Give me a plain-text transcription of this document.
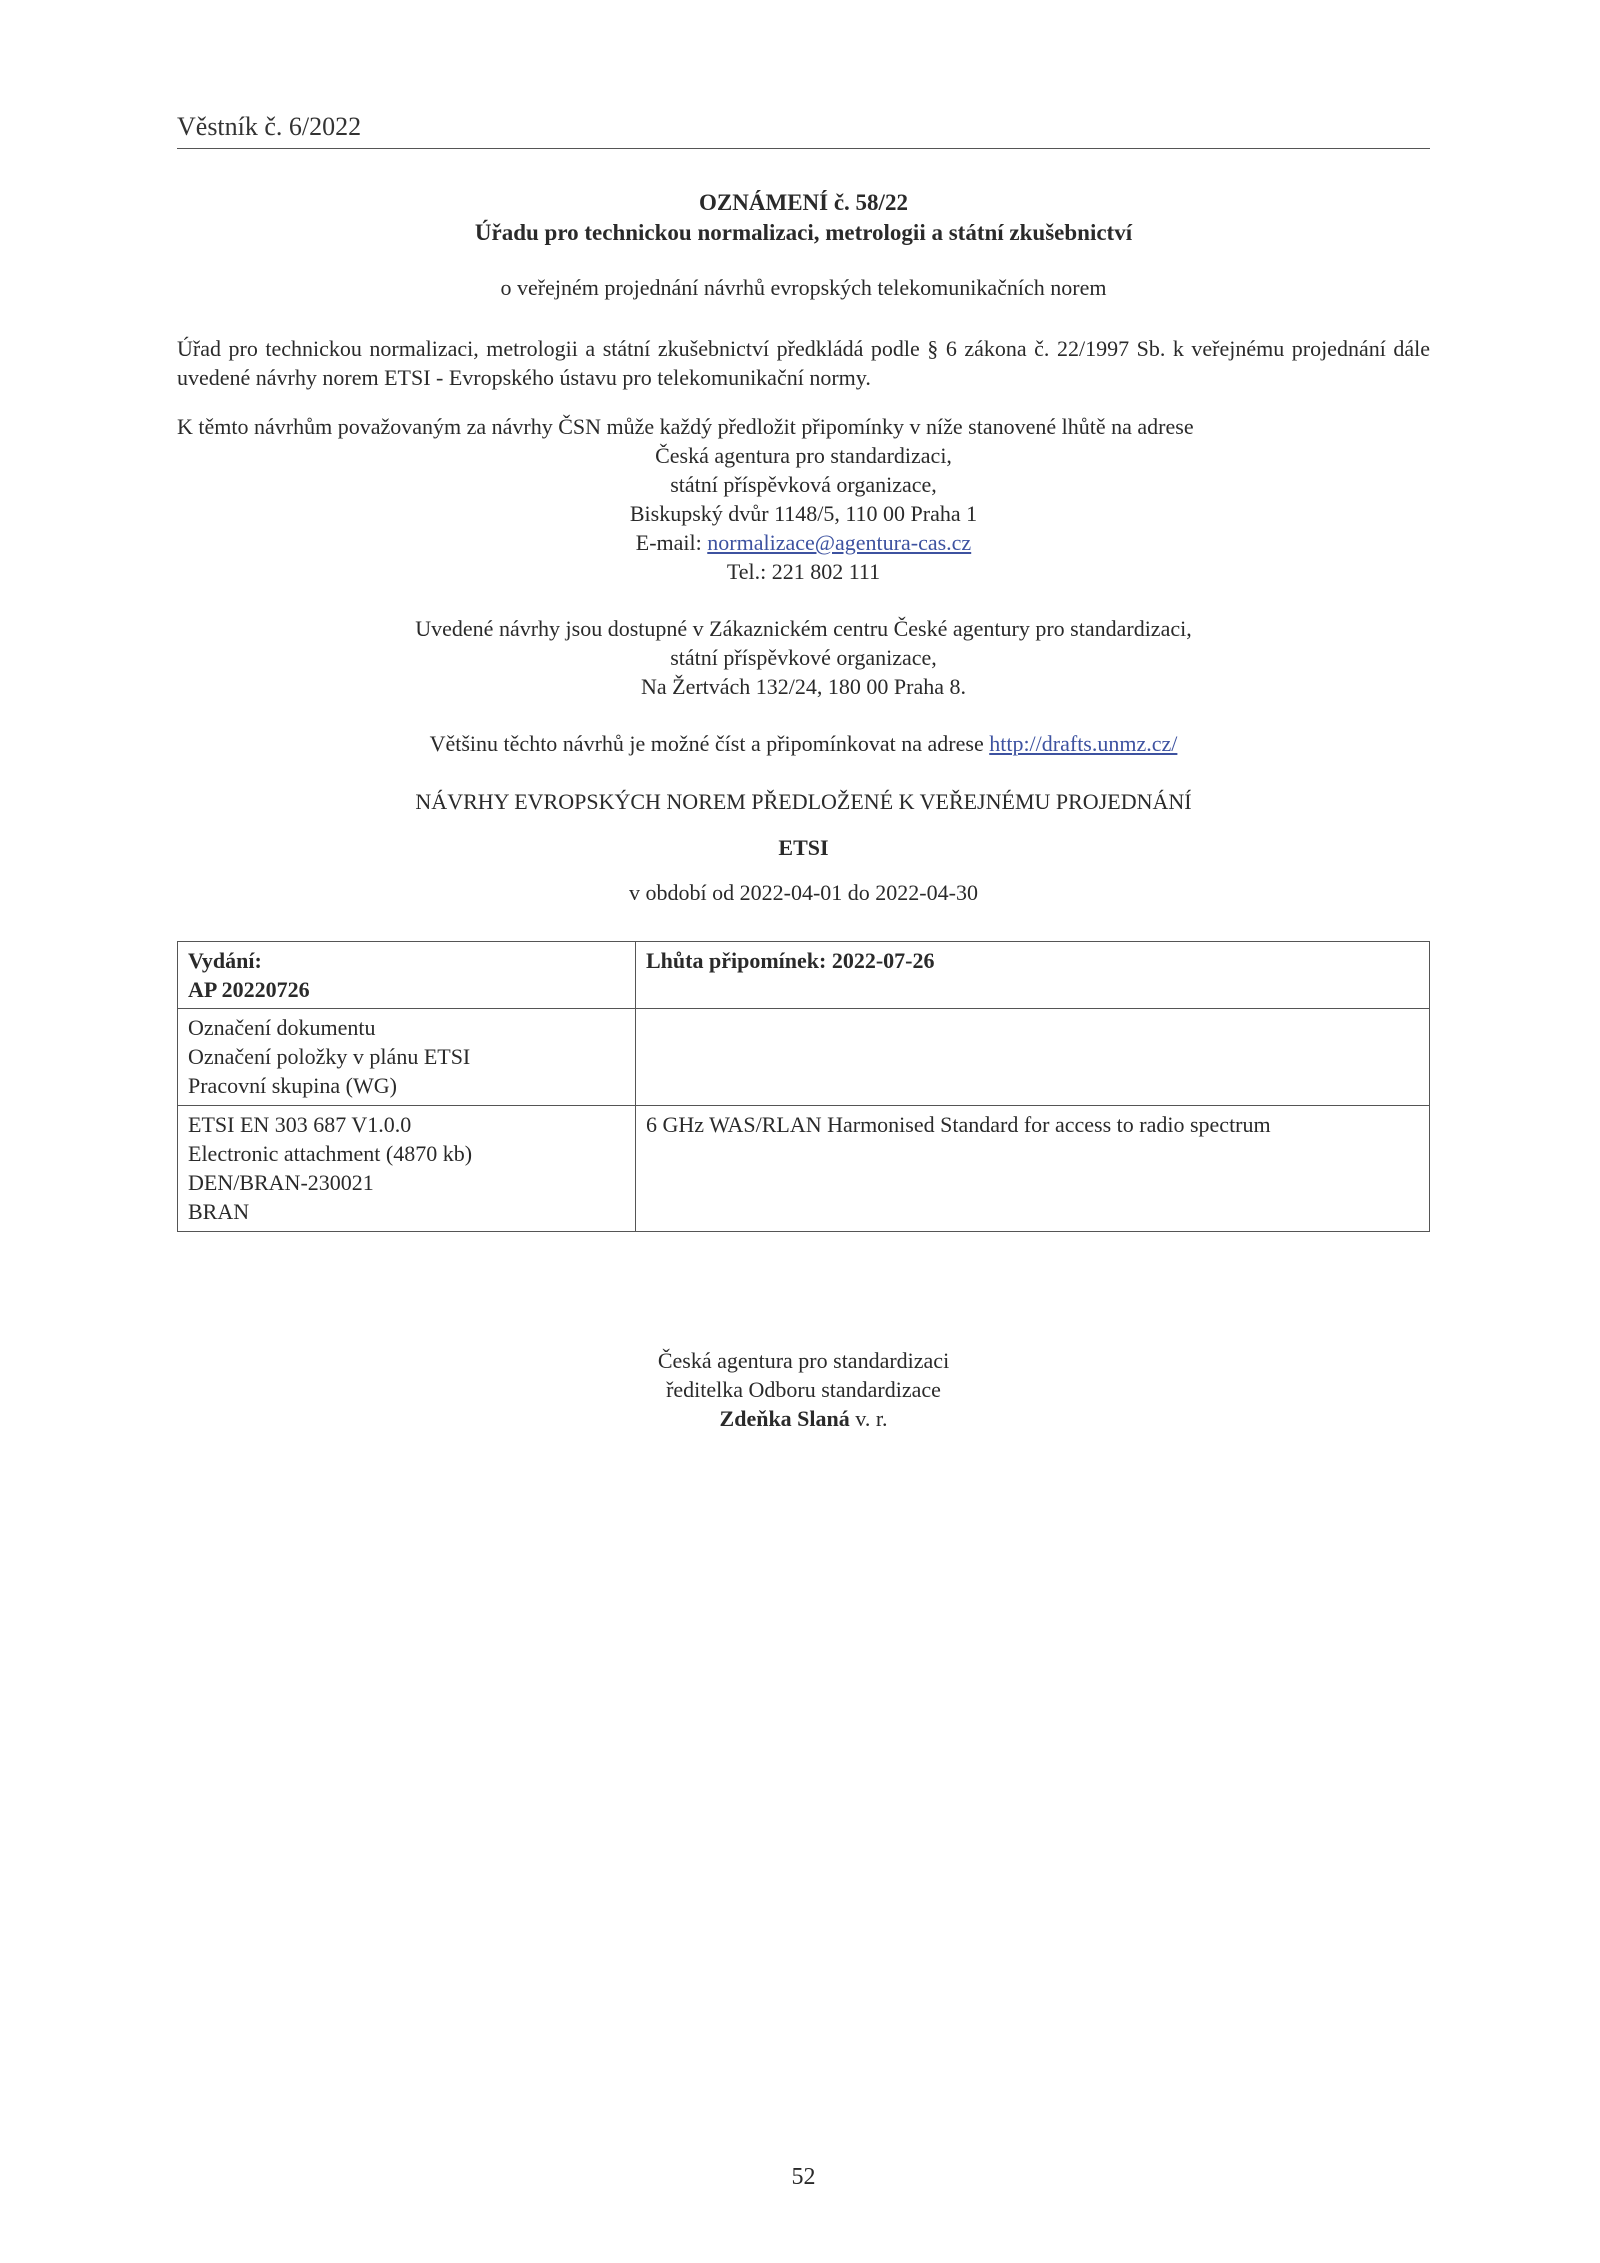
Věstník č. 6/2022
OZNÁMENÍ č. 58/22
Úřadu pro technickou normalizaci, metrologii a státní zkušebnictví
o veřejném projednání návrhů evropských telekomunikačních norem
Úřad pro technickou normalizaci, metrologii a státní zkušebnictví předkládá podle § 6 zákona č. 22/1997 Sb. k veřejnému projednání dále uvedené návrhy norem ETSI - Evropského ústavu pro telekomunikační normy.
K těmto návrhům považovaným za návrhy ČSN může každý předložit připomínky v níže stanovené lhůtě na adrese
Česká agentura pro standardizaci,
státní příspěvková organizace,
Biskupský dvůr 1148/5, 110 00 Praha 1
E-mail: normalizace@agentura-cas.cz
Tel.: 221 802 111
Uvedené návrhy jsou dostupné v Zákaznickém centru České agentury pro standardizaci,
státní příspěvkové organizace,
Na Žertvách 132/24, 180 00 Praha 8.
Většinu těchto návrhů je možné číst a připomínkovat na adrese http://drafts.unmz.cz/
NÁVRHY EVROPSKÝCH NOREM PŘEDLOŽENÉ K VEŘEJNÉMU PROJEDNÁNÍ
ETSI
v období od 2022-04-01 do 2022-04-30
Vydání:
AP 20220726	Lhůta připomínek: 2022-07-26

Označení dokumentu
Označení položky v plánu ETSI
Pracovní skupina (WG)	

ETSI EN 303 687 V1.0.0
Electronic attachment (4870 kb)
DEN/BRAN-230021
BRAN	6 GHz WAS/RLAN Harmonised Standard for access to radio spectrum
Česká agentura pro standardizaci
ředitelka Odboru standardizace
Zdeňka Slaná v. r.
52
